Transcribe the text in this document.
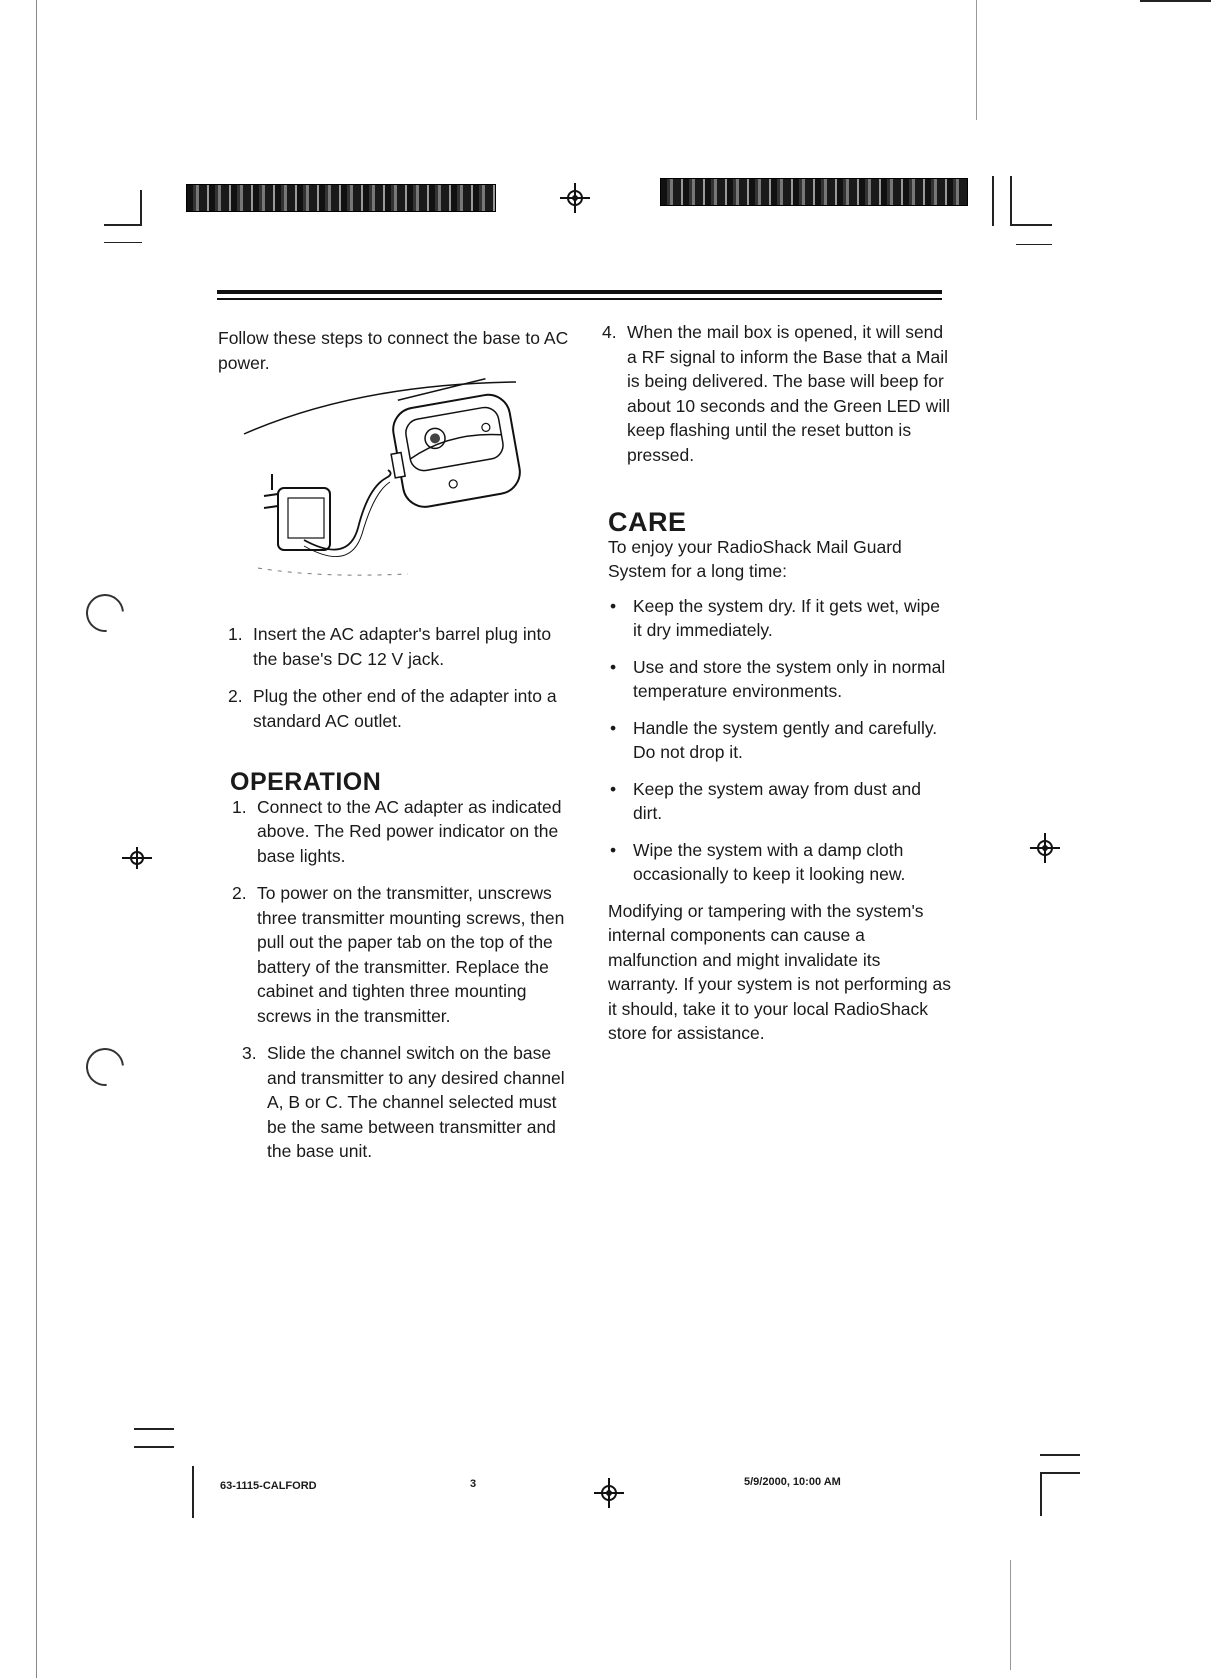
Follow these steps to connect the base to AC power.

1. Insert the AC adapter's barrel plug into the base's DC 12 V jack.
2. Plug the other end of the adapter into a standard AC outlet.
OPERATION
1. Connect to the AC adapter as indicated above. The Red power indicator on the base lights.
2. To power on the transmitter, unscrews three transmitter mounting screws, then pull out the paper tab on the top of the battery of the transmitter. Replace the cabinet and tighten three mounting screws in the transmitter.
3. Slide the channel switch on the base and transmitter to any desired channel A, B or C. The channel selected must be the same between transmitter and the base unit.
4. When the mail box is opened, it will send a RF signal to inform the Base that a Mail is being delivered. The base will beep for about 10 seconds and the Green LED will keep flashing until the reset button is pressed.
CARE

To enjoy your RadioShack Mail Guard System for a long time:

• Keep the system dry. If it gets wet, wipe it dry immediately.
• Use and store the system only in normal temperature environments.
• Handle the system gently and carefully. Do not drop it.
• Keep the system away from dust and dirt.
• Wipe the system with a damp cloth occasionally to keep it looking new.

Modifying or tampering with the system's internal components can cause a malfunction and might invalidate its warranty. If your system is not performing as it should, take it to your local RadioShack store for assistance.

63-1115-CALFORD	3	5/9/2000, 10:00 AM
